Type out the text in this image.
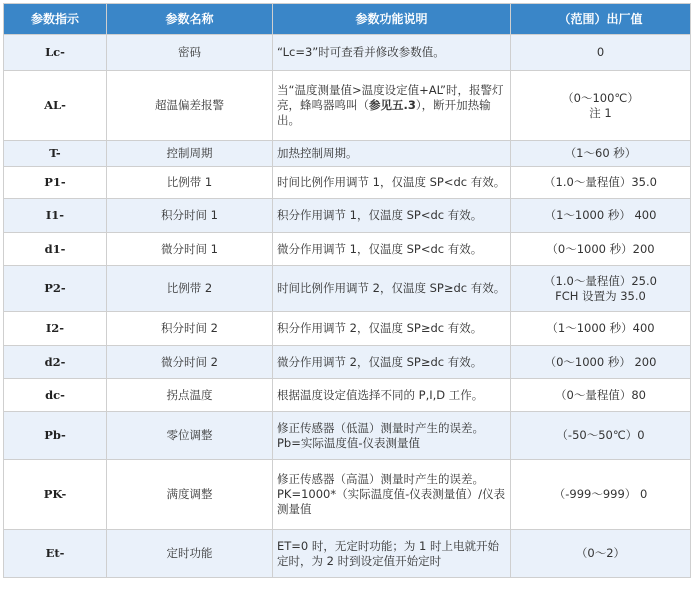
参数指示	参数名称	参数功能说明	（范围）出厂值
Lc-	密码	“Lc=3”时可查看并修改参数值。	0

AL-	超温偏差报警	当“温度测量值>温度设定值+AL”时，报警灯亮，蜂鸣器鸣叫（参见五.3），断开加热输出。	（0～100℃）
注 1

T-	控制周期	加热控制周期。	（1～60 秒）

P1-	比例带 1	时间比例作用调节 1，仅温度 SP<dc 有效。	（1.0～量程值）35.0

I1-	积分时间 1	积分作用调节 1，仅温度 SP<dc 有效。	（1～1000 秒） 400

d1-	微分时间 1	微分作用调节 1，仅温度 SP<dc 有效。	（0～1000 秒）200

P2-	比例带 2	时间比例作用调节 2，仅温度 SP≥dc 有效。	（1.0～量程值）25.0
FCH 设置为 35.0

I2-	积分时间 2	积分作用调节 2，仅温度 SP≥dc 有效。	（1～1000 秒）400

d2-	微分时间 2	微分作用调节 2，仅温度 SP≥dc 有效。	（0～1000 秒） 200

dc-	拐点温度	根据温度设定值选择不同的 P,I,D 工作。	（0～量程值）80

Pb-	零位调整	修正传感器（低温）测量时产生的误差。Pb=实际温度值-仪表测量值	（-50～50℃）0

PK-	满度调整	修正传感器（高温）测量时产生的误差。PK=1000*（实际温度值-仪表测量值）/仪表测量值	（-999～999） 0

Et-	定时功能	ET=0 时，无定时功能；为 1 时上电就开始定时，为 2 时到设定值开始定时	（0～2）
